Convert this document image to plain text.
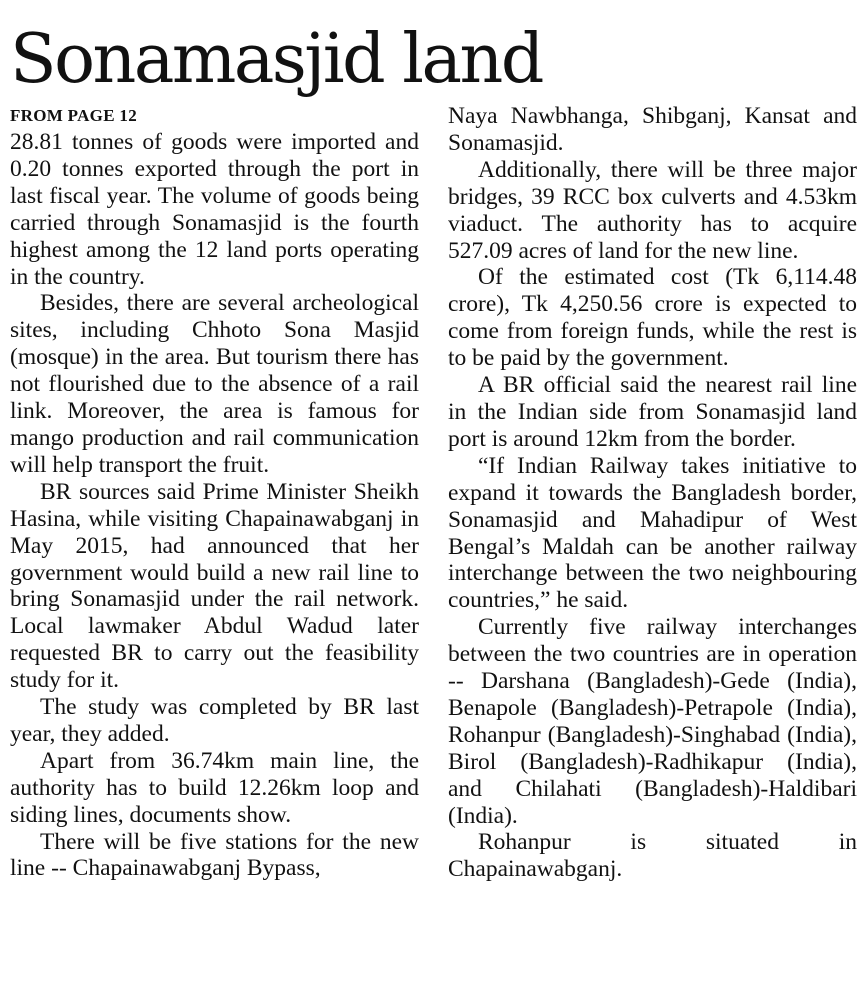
Sonamasjid land
FROM PAGE 12

28.81 tonnes of goods were imported and 0.20 tonnes exported through the port in last fiscal year. The volume of goods being carried through Sonamasjid is the fourth highest among the 12 land ports operating in the country.

Besides, there are several archeological sites, including Chhoto Sona Masjid (mosque) in the area. But tourism there has not flourished due to the absence of a rail link. Moreover, the area is famous for mango production and rail communication will help transport the fruit.

BR sources said Prime Minister Sheikh Hasina, while visiting Chapainawabganj in May 2015, had announced that her government would build a new rail line to bring Sonamasjid under the rail network. Local lawmaker Abdul Wadud later requested BR to carry out the feasibility study for it.

The study was completed by BR last year, they added.

Apart from 36.74km main line, the authority has to build 12.26km loop and siding lines, documents show.

There will be five stations for the new line -- Chapainawabganj Bypass,

Naya Nawbhanga, Shibganj, Kansat and Sonamasjid.

Additionally, there will be three major bridges, 39 RCC box culverts and 4.53km viaduct. The authority has to acquire 527.09 acres of land for the new line.

Of the estimated cost (Tk 6,114.48 crore), Tk 4,250.56 crore is expected to come from foreign funds, while the rest is to be paid by the government.

A BR official said the nearest rail line in the Indian side from Sonamasjid land port is around 12km from the border.

“If Indian Railway takes initiative to expand it towards the Bangladesh border, Sonamasjid and Mahadipur of West Bengal’s Maldah can be another railway interchange between the two neighbouring countries,” he said.

Currently five railway interchanges between the two countries are in operation -- Darshana (Bangladesh)-Gede (India), Benapole (Bangladesh)-Petrapole (India), Rohanpur (Bangladesh)-Singhabad (India), Birol (Bangladesh)-Radhikapur (India), and Chilahati (Bangladesh)-Haldibari (India).

Rohanpur is situated in Chapainawabganj.
